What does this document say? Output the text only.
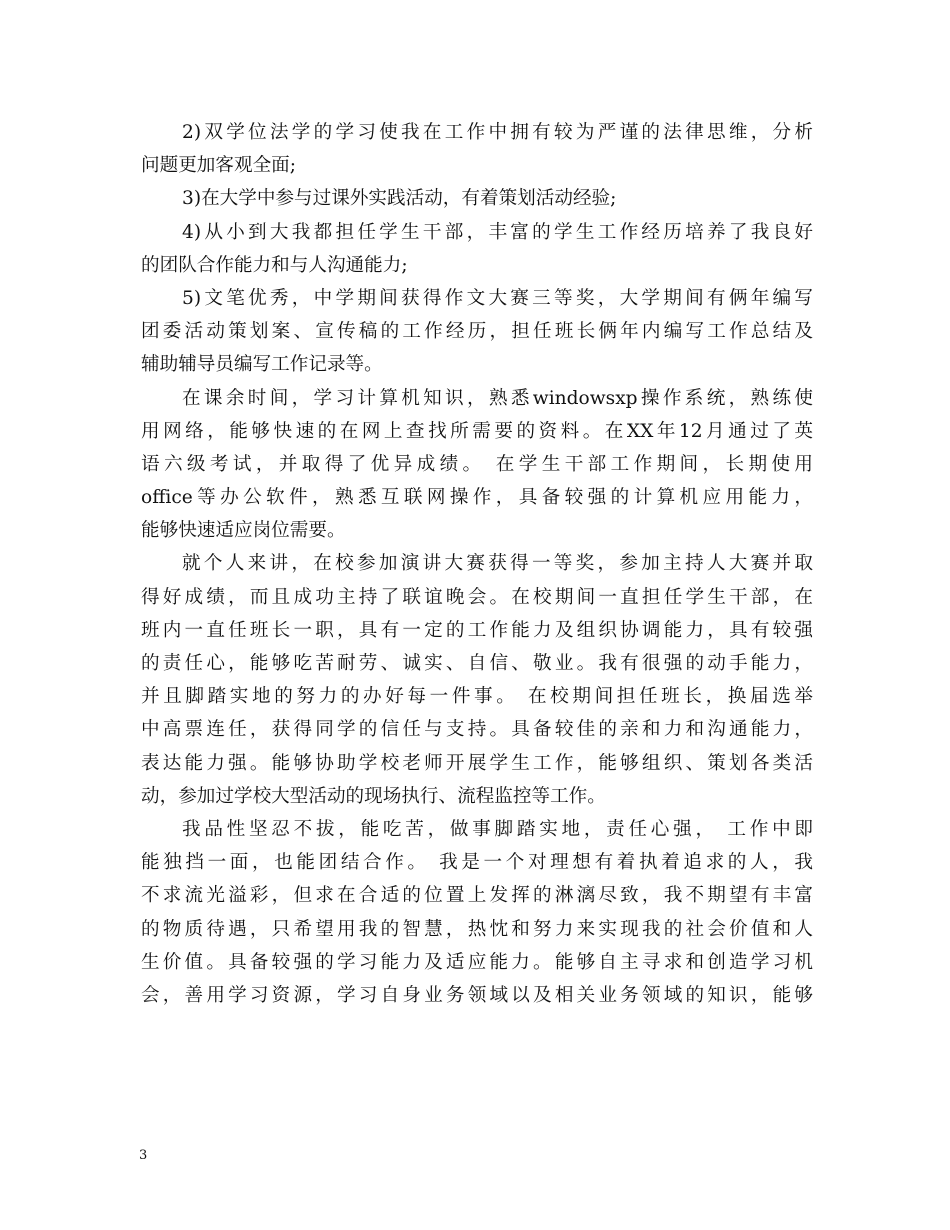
2)双学位法学的学习使我在工作中拥有较为严谨的法律思维，分析
问题更加客观全面;
3)在大学中参与过课外实践活动，有着策划活动经验;
4)从小到大我都担任学生干部，丰富的学生工作经历培养了我良好
的团队合作能力和与人沟通能力;
5)文笔优秀，中学期间获得作文大赛三等奖，大学期间有俩年编写
团委活动策划案、宣传稿的工作经历，担任班长俩年内编写工作总结及
辅助辅导员编写工作记录等。
在课余时间，学习计算机知识，熟悉windowsxp操作系统，熟练使
用网络，能够快速的在网上查找所需要的资料。在XX年12月通过了英
语六级考试，并取得了优异成绩。 在学生干部工作期间，长期使用
office等办公软件，熟悉互联网操作，具备较强的计算机应用能力，
能够快速适应岗位需要。
就个人来讲，在校参加演讲大赛获得一等奖，参加主持人大赛并取
得好成绩，而且成功主持了联谊晚会。在校期间一直担任学生干部，在
班内一直任班长一职，具有一定的工作能力及组织协调能力，具有较强
的责任心，能够吃苦耐劳、诚实、自信、敬业。我有很强的动手能力，
并且脚踏实地的努力的办好每一件事。 在校期间担任班长，换届选举
中高票连任，获得同学的信任与支持。具备较佳的亲和力和沟通能力，
表达能力强。能够协助学校老师开展学生工作，能够组织、策划各类活
动，参加过学校大型活动的现场执行、流程监控等工作。
我品性坚忍不拔，能吃苦，做事脚踏实地，责任心强， 工作中即
能独挡一面，也能团结合作。 我是一个对理想有着执着追求的人，我
不求流光溢彩，但求在合适的位置上发挥的淋漓尽致，我不期望有丰富
的物质待遇，只希望用我的智慧，热忱和努力来实现我的社会价值和人
生价值。具备较强的学习能力及适应能力。能够自主寻求和创造学习机
会，善用学习资源，学习自身业务领域以及相关业务领域的知识，能够
3
